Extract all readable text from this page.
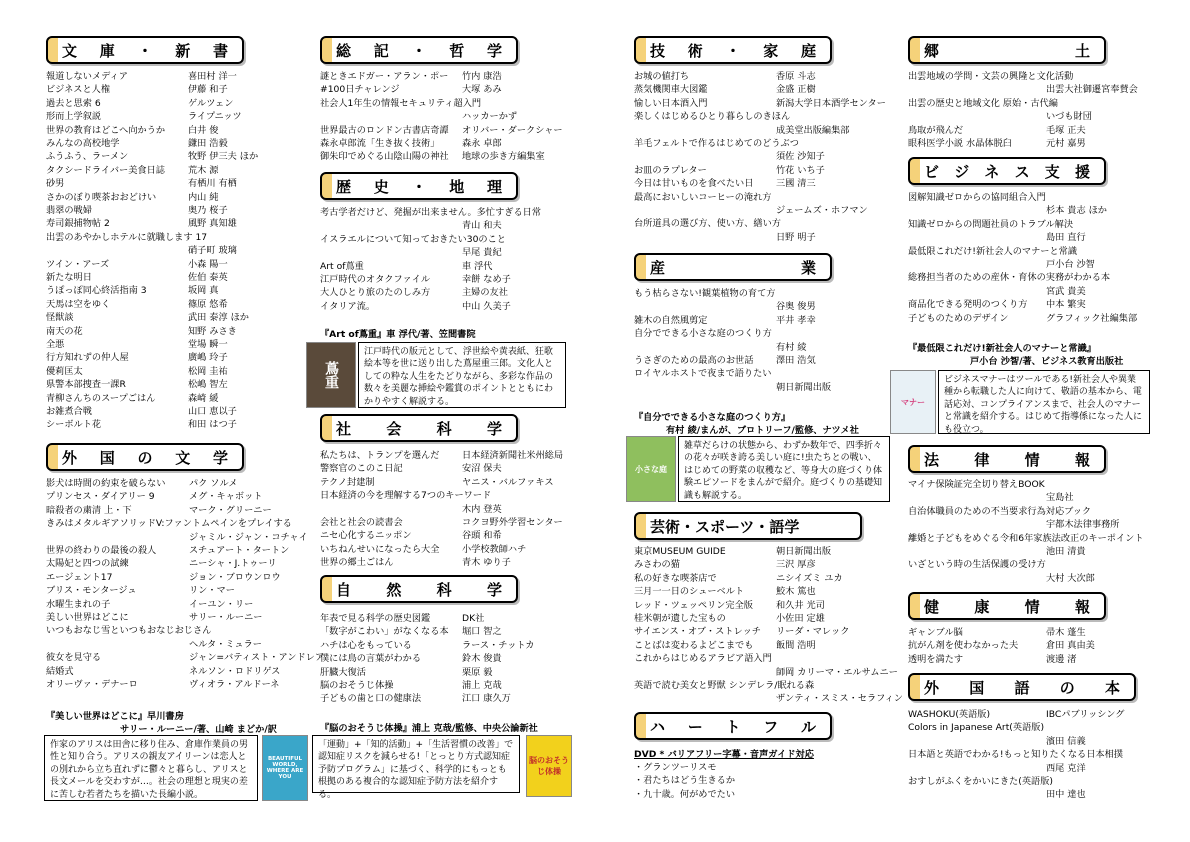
文 庫 ・ 新 書
報道しないメディア	喜田村 洋一
ビジネスと人権	伊藤 和子
過去と思索 6	ゲルツェン
形而上学叙説	ライプニッツ
世界の教育はどこへ向かうか 白井 俊
みんなの高校地学	鎌田 浩毅
ふうふう、ラーメン	牧野 伊三夫 ほか
タクシードライバー美食日誌	荒木 源
砂男	有栖川 有栖
さかのぼり喫茶おおどけい	内山 純
翡翠の戦婦	奥乃 桜子
寿司銀捕物帖 2	風野 真知雄
出雲のあやかしホテルに就職します 17
硝子町 玻璃
ツイン・アーズ	小森 陽一
新たな明日	佐伯 泰英
うぽっぽ同心終活指南 3	坂岡 真
天馬は空をゆく	篠原 悠希
怪獣談	武田 泰淳 ほか
南天の花	知野 みさき
全悪	堂場 瞬一
行方知れずの仲人屋	廣嶋 玲子
優莉匡太	松岡 圭祐
県警本部捜査一課R	松嶋 智左
青柳さんちのスープごはん	森崎 緩
お雑煮合戦	山口 恵以子
シーボルト花	和田 はつ子
外 国 の 文 学
影犬は時間の約束を破らない	パク ソルメ
プリンセス・ダイアリー 9	メグ・キャボット
暗殺者の粛清 上・下	マーク・グリーニー
きみはメタルギアソリッドV:ファントムペインをプレイする
ジャミル・ジャン・コチャイ
世界の終わりの最後の殺人	スチュアート・タートン
太陽妃と四つの試練	ニーシャ・J.トゥーリ
エージェント17	ジョン・ブロウンロウ
ブリス・モンタージュ	リン・マー
水曜生まれの子	イーユン・リー
美しい世界はどこに	サリー・ルーニー
いつもおなじ雪といつもおなじおじさん
ヘルタ・ミュラー
彼女を見守る	ジャン=バティスト・アンドレア
結婚式	ネルソン・ロドリゲス
オリーヴァ・デナーロ	ヴィオラ・アルドーネ
『美しい世界はどこに』早川書房
サリー・ルーニー/著、山崎 まどか/訳
作家のアリスは田舎に移り住み、倉庫作業員の男性と知り合う。アリスの親友アイリーンは恋人との別れから立ち直れずに鬱々と暮らし、アリスと長文メールを交わすが…。社会の理想と現実の差に苦しむ若者たちを描いた長編小説。
BEAUTIFUL WORLD, WHERE ARE YOU
総 記 ・ 哲 学
謎ときエドガー・アラン・ポー 竹内 康浩
#100日チャレンジ	大塚 あみ
社会人1年生の情報セキュリティ超入門
ハッカーかず
世界最古のロンドン古書店奇譚 オリバー・ダークシャー
森永卓郎流「生き抜く技術」 森永 卓郎
御朱印でめぐる山陰山陽の神社 地球の歩き方編集室
歴 史 ・ 地 理
考古学者だけど、発掘が出来ません。多忙すぎる日常
青山 和夫
イスラエルについて知っておきたい30のこと
早尾 貴紀
Art of蔦重	車 浮代
江戸時代のオタクファイル	幸餅 なめ子
大人ひとり旅のたのしみ方	主婦の友社
イタリア流。	中山 久美子
『Art of蔦重』車 浮代/著、笠間書院
蔦重
江戸時代の版元として、浮世絵や黄表紙、狂歌絵本等を世に送り出した蔦屋重三郎。文化人としての粋な人生をたどりながら、多彩な作品の数々を美麗な挿絵や鑑賞のポイントとともにわかりやすく解説する。
社 会 科 学
私たちは、トランプを選んだ 日本経済新聞社米州総局
警察官のこのこ日記	安沼 保夫
テクノ封建制	ヤニス・バルファキス
日本経済の今を理解する7つのキーワード
木内 登英
会社と社会の読書会	コクヨ野外学習センター
ニセ心化するニッポン	谷頭 和希
いちねんせいになったら大全 小学校教師ハチ
世界の郷土ごはん	青木 ゆり子
自 然 科 学
年表で見る科学の歴史図鑑	DK社
「数字がこわい」がなくなる本 堀口 智之
ハチは心をもっている	ラース・チットカ
僕には鳥の言葉がわかる	鈴木 俊貴
肝臓大復活	栗原 毅
脳のおそうじ体操	浦上 克哉
子どもの歯と口の健康法	江口 康久万
『脳のおそうじ体操』浦上 克哉/監修、中央公論新社
「運動」+「知的活動」+「生活習慣の改善」で認知症リスクを減らせる!「とっとり方式認知症予防プログラム」に基づく、科学的にもっとも根拠のある複合的な認知症予防方法を紹介する。
脳のおそうじ体操
技 術 ・ 家 庭
お城の値打ち	香原 斗志
蒸気機関車大図鑑	金盛 正樹
愉しい日本酒入門	新潟大学日本酒学センター
楽しくはじめるひとり暮らしのきほん
成美堂出版編集部
羊毛フェルトで作るはじめてのどうぶつ
須佐 沙知子
お皿のラプレター	竹花 いち子
今日は甘いものを食べたい日 三國 清三
最高においしいコーヒーの淹れ方
ジェームズ・ホフマン
台所道具の選び方、使い方、繕い方
日野 明子
産	業
もう枯らさない!観葉植物の育て方
谷奥 俊男
雑木の自然風剪定	平井 孝幸
自分でできる小さな庭のつくり方
有村 綾
うさぎのための最高のお世話 澤田 浩気
ロイヤルホストで夜まで語りたい
朝日新聞出版
『自分でできる小さな庭のつくり方』
有村 綾/まんが、ブロトリーフ/監修、ナツメ社
小さな庭
雑草だらけの状態から、わずか数年で、四季折々の花々が咲き誇る美しい庭に!虫たちとの戦い、はじめての野菜の収穫など、等身大の庭づくり体験エピソードをまんがで紹介。庭づくりの基礎知識も解説する。
芸術・スポーツ・語学
東京MUSEUM GUIDE	朝日新聞出版
みさわの猫	三沢 厚彦
私の好きな喫茶店で	ニシイズミ ユカ
三月一一日のシューベルト	鮫木 篤也
レッド・ツェッペリン完全版	和久井 光司
桂米朝が遺した宝もの	小佐田 定雄
サイエンス・オブ・ストレッチ リーダ・マレック
ことばは変わるよどこまでも 飯間 浩明
これからはじめるアラビア語入門
師岡 カリーマ・エルサムニー
英語で読む美女と野獣 シンデレラ/眠れる森
ザンティ・スミス・セラフィン
ハ ー ト フ ル
DVD * バリアフリー字幕・音声ガイド対応
・グランツーリスモ
・君たちはどう生きるか
・九十歳。何がめでたい
郷	土
出雲地域の学問・文芸の興隆と文化活動
出雲大社御遷宮奉賛会
出雲の歴史と地域文化 原始・古代編
いづも財団
鳥取が飛んだ	毛塚 正夫
眼科医学小説 水晶体脱臼	元村 嘉男
ビ ジ ネ ス 支 援
図解知識ゼロからの協同組合入門
杉本 貴志 ほか
知識ゼロからの問題社員のトラブル解決
島田 直行
最低限これだけ!新社会人のマナーと常識
戸小台 沙智
総務担当者のための産休・育休の実務がわかる本
宮武 貴美
商品化できる発明のつくり方 中本 繁実
子どものためのデザイン	グラフィック社編集部
『最低限これだけ!新社会人のマナーと常識』
戸小台 沙智/著、ビジネス教育出版社
マナー
ビジネスマナーはツールである!新社会人や異業種から転職した人に向けて、敬語の基本から、電話応対、コンプライアンスまで、社会人のマナーと常識を紹介する。はじめて指導係になった人にも役立つ。
法 律 情 報
マイナ保険証完全切り替えBOOK
宝島社
自治体職員のための不当要求行為対応ブック
宇都木法律事務所
離婚と子どもをめぐる令和6年家族法改正のキーポイント
池田 清貴
いざという時の生活保護の受け方
大村 大次郎
健 康 情 報
ギャンブル脳	帚木 蓬生
抗がん剤を使わなかった夫	倉田 真由美
透明を満たす	渡邊 渚
外 国 語 の 本
WASHOKU(英語版)	IBCパブリッシング
Colors in Japanese Art(英語版)
濱田 信義
日本語と英語でわかる!もっと知りたくなる日本相撲
西尾 克洋
おすしがふくをかいにきた(英語版)
田中 達也
